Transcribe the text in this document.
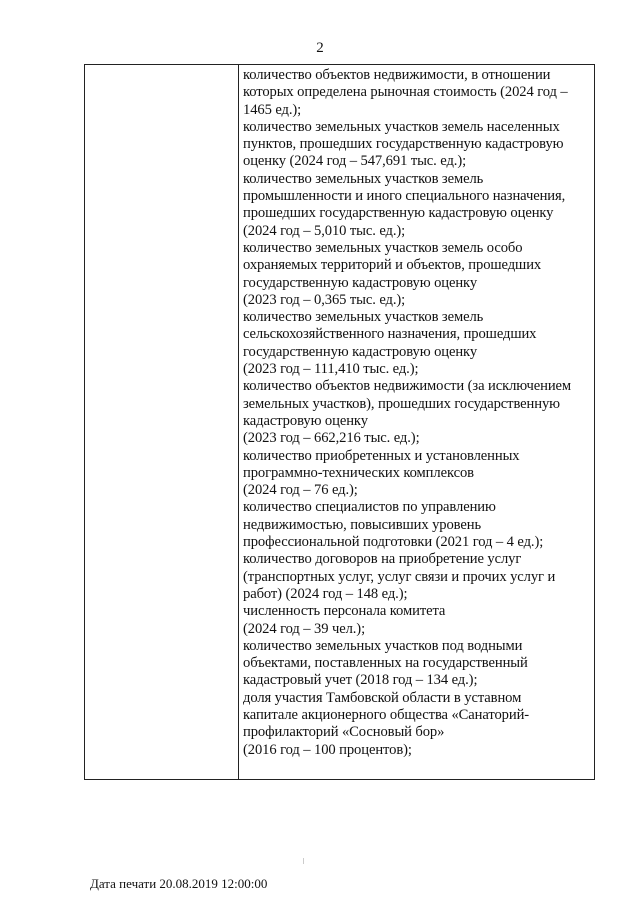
2
количество объектов недвижимости, в отношении
которых определена рыночная стоимость (2024 год –
1465 ед.);
количество земельных участков земель населенных
пунктов, прошедших государственную кадастровую
оценку (2024 год – 547,691 тыс. ед.);
количество земельных участков земель
промышленности и иного специального назначения,
прошедших государственную кадастровую оценку
(2024 год – 5,010 тыс. ед.);
количество земельных участков земель особо
охраняемых территорий и объектов, прошедших
государственную кадастровую оценку
(2023 год – 0,365 тыс. ед.);
количество земельных участков земель
сельскохозяйственного назначения, прошедших
государственную кадастровую оценку
(2023 год – 111,410 тыс. ед.);
количество объектов недвижимости (за исключением
земельных участков), прошедших государственную
кадастровую оценку
(2023 год – 662,216 тыс. ед.);
количество приобретенных и установленных
программно-технических комплексов
(2024 год – 76 ед.);
количество специалистов по управлению
недвижимостью, повысивших уровень
профессиональной подготовки (2021 год – 4 ед.);
количество договоров на приобретение услуг
(транспортных услуг, услуг связи и прочих услуг и
работ) (2024 год – 148 ед.);
численность персонала комитета
(2024 год – 39 чел.);
количество земельных участков под водными
объектами, поставленных на государственный
кадастровый учет (2018 год – 134 ед.);
доля участия Тамбовской области в уставном
капитале акционерного общества «Санаторий-
профилакторий «Сосновый бор»
(2016 год – 100 процентов);
Дата печати 20.08.2019 12:00:00
